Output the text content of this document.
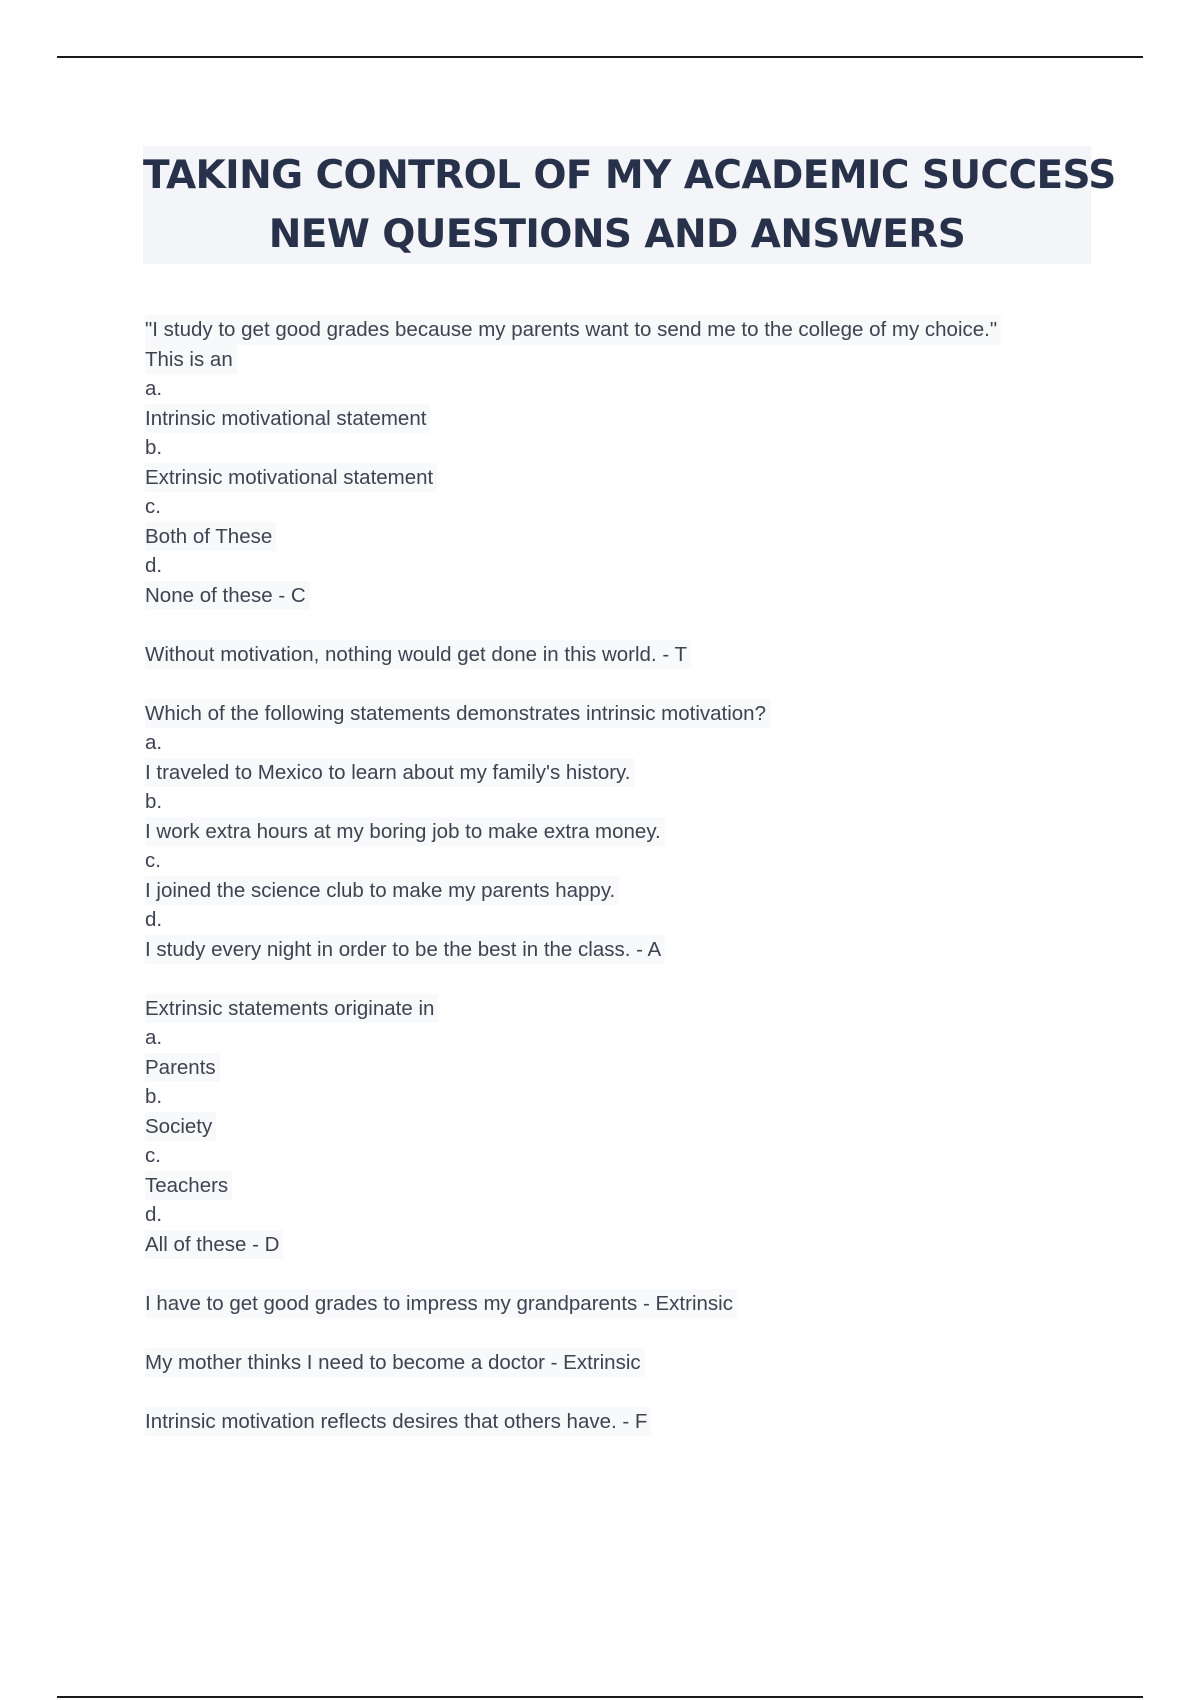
TAKING CONTROL OF MY ACADEMIC SUCCESS
NEW QUESTIONS AND ANSWERS
"I study to get good grades because my parents want to send me to the college of my choice."
This is an
a.
Intrinsic motivational statement
b.
Extrinsic motivational statement
c.
Both of These
d.
None of these - C
Without motivation, nothing would get done in this world. - T
Which of the following statements demonstrates intrinsic motivation?
a.
I traveled to Mexico to learn about my family's history.
b.
I work extra hours at my boring job to make extra money.
c.
I joined the science club to make my parents happy.
d.
I study every night in order to be the best in the class. - A
Extrinsic statements originate in
a.
Parents
b.
Society
c.
Teachers
d.
All of these - D
I have to get good grades to impress my grandparents - Extrinsic
My mother thinks I need to become a doctor - Extrinsic
Intrinsic motivation reflects desires that others have. - F
